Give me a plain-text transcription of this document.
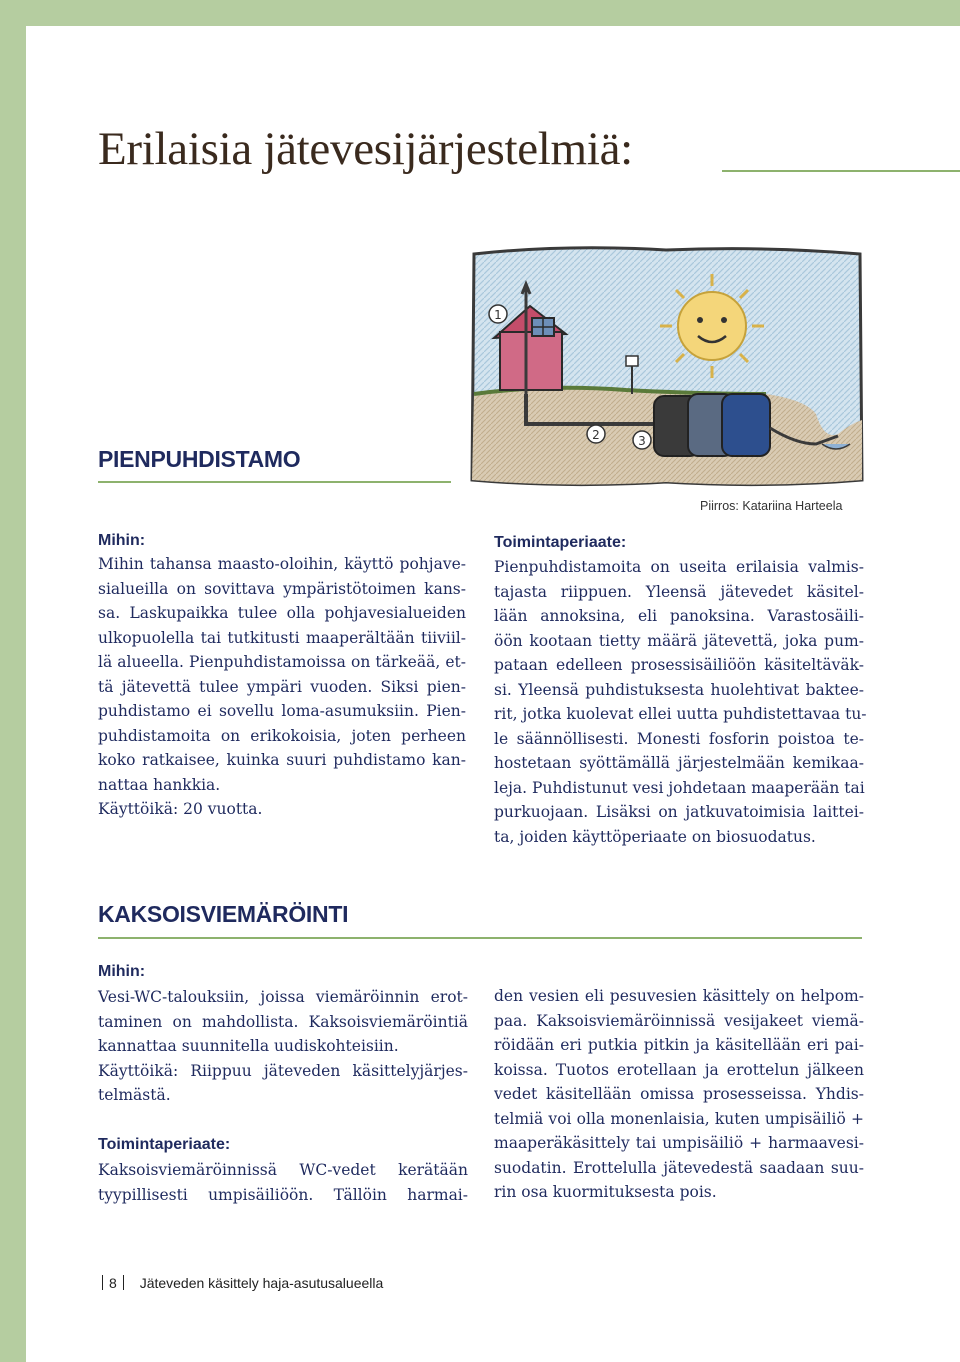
Erilaisia jätevesijärjestelmiä:
1
2	3
Piirros: Katariina Harteela
PIENPUHDISTAMO
Mihin:
Mihin tahansa maasto-oloihin, käyttö pohjave-
sialueilla on sovittava ympäristötoimen kans-
sa. Laskupaikka tulee olla pohjavesialueiden
ulkopuolella tai tutkitusti maaperältään tiiviil-
lä alueella. Pienpuhdistamoissa on tärkeää, et-
tä jätevettä tulee ympäri vuoden. Siksi pien-
puhdistamo ei sovellu loma-asumuksiin. Pien-
puhdistamoita on erikokoisia, joten perheen
koko ratkaisee, kuinka suuri puhdistamo kan-
nattaa hankkia.
Käyttöikä: 20 vuotta.
Toimintaperiaate:
Pienpuhdistamoita on useita erilaisia valmis-
tajasta riippuen. Yleensä jätevedet käsitel-
lään annoksina, eli panoksina. Varastosäili-
öön kootaan tietty määrä jätevettä, joka pum-
pataan edelleen prosessisäiliöön käsiteltäväk-
si. Yleensä puhdistuksesta huolehtivat baktee-
rit, jotka kuolevat ellei uutta puhdistettavaa tu-
le säännöllisesti. Monesti fosforin poistoa te-
hostetaan syöttämällä järjestelmään kemikaa-
leja. Puhdistunut vesi johdetaan maaperään tai
purkuojaan. Lisäksi on jatkuvatoimisia laittei-
ta, joiden käyttöperiaate on biosuodatus.
KAKSOISVIEMÄRÖINTI
Mihin:
Vesi-WC-talouksiin, joissa viemäröinnin erot-
taminen on mahdollista. Kaksoisviemäröintiä
kannattaa suunnitella uudiskohteisiin.
Käyttöikä: Riippuu jäteveden käsittelyjärjes-
telmästä.
Toimintaperiaate:
Kaksoisviemäröinnissä WC-vedet kerätään
tyypillisesti umpisäiliöön. Tällöin harmai-
den vesien eli pesuvesien käsittely on helpom-
paa. Kaksoisviemäröinnissä vesijakeet viemä-
röidään eri putkia pitkin ja käsitellään eri pai-
koissa. Tuotos erotellaan ja erottelun jälkeen
vedet käsitellään omissa prosesseissa. Yhdis-
telmiä voi olla monenlaisia, kuten umpisäiliö +
maaperäkäsittely tai umpisäiliö + harmaavesi-
suodatin. Erottelulla jätevedestä saadaan suu-
rin osa kuormituksesta pois.
8 Jäteveden käsittely haja-asutusalueella
